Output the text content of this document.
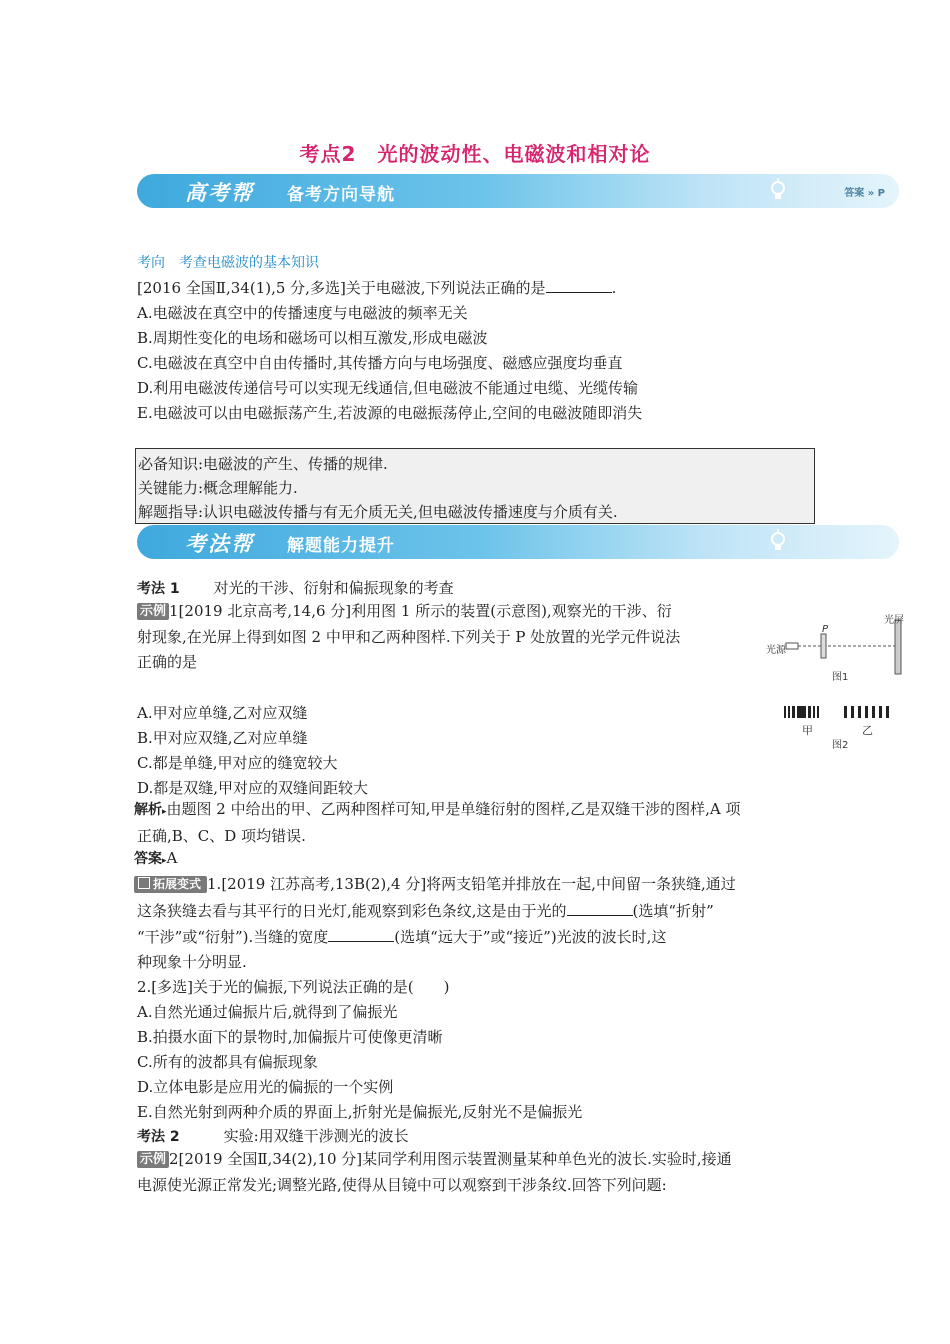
考点2　光的波动性、电磁波和相对论
高考帮 备考方向导航	答案 » P
考向　考查电磁波的基本知识
[2016 全国Ⅱ,34(1),5 分,多选]关于电磁波,下列说法正确的是	.
A.电磁波在真空中的传播速度与电磁波的频率无关
B.周期性变化的电场和磁场可以相互激发,形成电磁波
C.电磁波在真空中自由传播时,其传播方向与电场强度、磁感应强度均垂直
D.利用电磁波传递信号可以实现无线通信,但电磁波不能通过电缆、光缆传输
E.电磁波可以由电磁振荡产生,若波源的电磁振荡停止,空间的电磁波随即消失
必备知识:电磁波的产生、传播的规律.
关键能力:概念理解能力.
解题指导:认识电磁波传播与有无介质无关,但电磁波传播速度与介质有关.
考法帮 解题能力提升
考法 1 对光的干涉、衍射和偏振现象的考查
示例 1[2019 北京高考,14,6 分]利用图 1 所示的装置(示意图),观察光的干涉、衍
射现象,在光屏上得到如图 2 中甲和乙两种图样.下列关于 P 处放置的光学元件说法
正确的是
光屏
光源
P
图1
甲	乙
图2
A.甲对应单缝,乙对应双缝
B.甲对应双缝,乙对应单缝
C.都是单缝,甲对应的缝宽较大
D.都是双缝,甲对应的双缝间距较大
解析▸由题图 2 中给出的甲、乙两种图样可知,甲是单缝衍射的图样,乙是双缝干涉的图样,A 项
正确,B、C、D 项均错误.
答案▸A
拓展变式 1.[2019 江苏高考,13B(2),4 分]将两支铅笔并排放在一起,中间留一条狭缝,通过
这条狭缝去看与其平行的日光灯,能观察到彩色条纹,这是由于光的	(选填“折射”
“干涉”或“衍射”).当缝的宽度	(选填“远大于”或“接近”)光波的波长时,这
种现象十分明显.
2.[多选]关于光的偏振,下列说法正确的是(　　)
A.自然光通过偏振片后,就得到了偏振光
B.拍摄水面下的景物时,加偏振片可使像更清晰
C.所有的波都具有偏振现象
D.立体电影是应用光的偏振的一个实例
E.自然光射到两种介质的界面上,折射光是偏振光,反射光不是偏振光
考法 2	实验:用双缝干涉测光的波长
示例 2[2019 全国Ⅱ,34(2),10 分]某同学利用图示装置测量某种单色光的波长.实验时,接通
电源使光源正常发光;调整光路,使得从目镜中可以观察到干涉条纹.回答下列问题:
